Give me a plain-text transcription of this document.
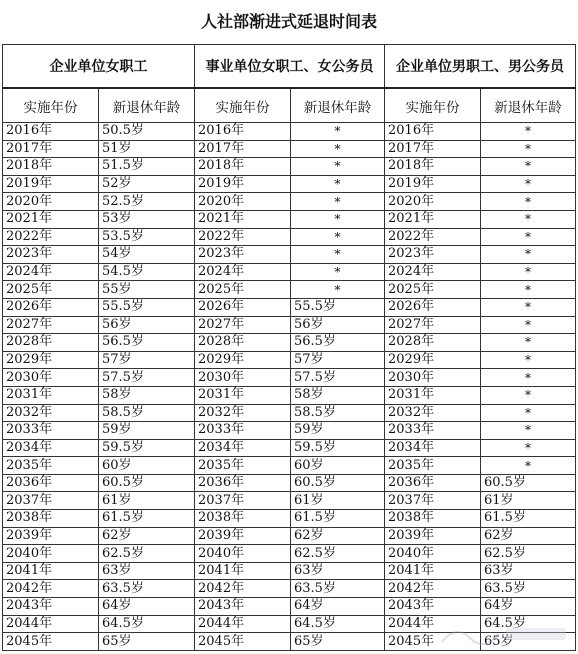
人社部渐进式延退时间表
企业单位女职工		事业单位女职工、女公务员		企业单位男职工、男公务员	
实施年份	新退休年龄	实施年份	新退休年龄	实施年份	新退休年龄
2016年	50.5岁	2016年	*	2016年	*
2017年	51岁	2017年	*	2017年	*
2018年	51.5岁	2018年	*	2018年	*
2019年	52岁	2019年	*	2019年	*
2020年	52.5岁	2020年	*	2020年	*
2021年	53岁	2021年	*	2021年	*
2022年	53.5岁	2022年	*	2022年	*
2023年	54岁	2023年	*	2023年	*
2024年	54.5岁	2024年	*	2024年	*
2025年	55岁	2025年	*	2025年	*
2026年	55.5岁	2026年	55.5岁	2026年	*
2027年	56岁	2027年	56岁	2027年	*
2028年	56.5岁	2028年	56.5岁	2028年	*
2029年	57岁	2029年	57岁	2029年	*
2030年	57.5岁	2030年	57.5岁	2030年	*
2031年	58岁	2031年	58岁	2031年	*
2032年	58.5岁	2032年	58.5岁	2032年	*
2033年	59岁	2033年	59岁	2033年	*
2034年	59.5岁	2034年	59.5岁	2034年	*
2035年	60岁	2035年	60岁	2035年	*
2036年	60.5岁	2036年	60.5岁	2036年	60.5岁
2037年	61岁	2037年	61岁	2037年	61岁
2038年	61.5岁	2038年	61.5岁	2038年	61.5岁
2039年	62岁	2039年	62岁	2039年	62岁
2040年	62.5岁	2040年	62.5岁	2040年	62.5岁
2041年	63岁	2041年	63岁	2041年	63岁
2042年	63.5岁	2042年	63.5岁	2042年	63.5岁
2043年	64岁	2043年	64岁	2043年	64岁
2044年	64.5岁	2044年	64.5岁	2044年	64.5岁
2045年	65岁	2045年	65岁	2045年	65岁
